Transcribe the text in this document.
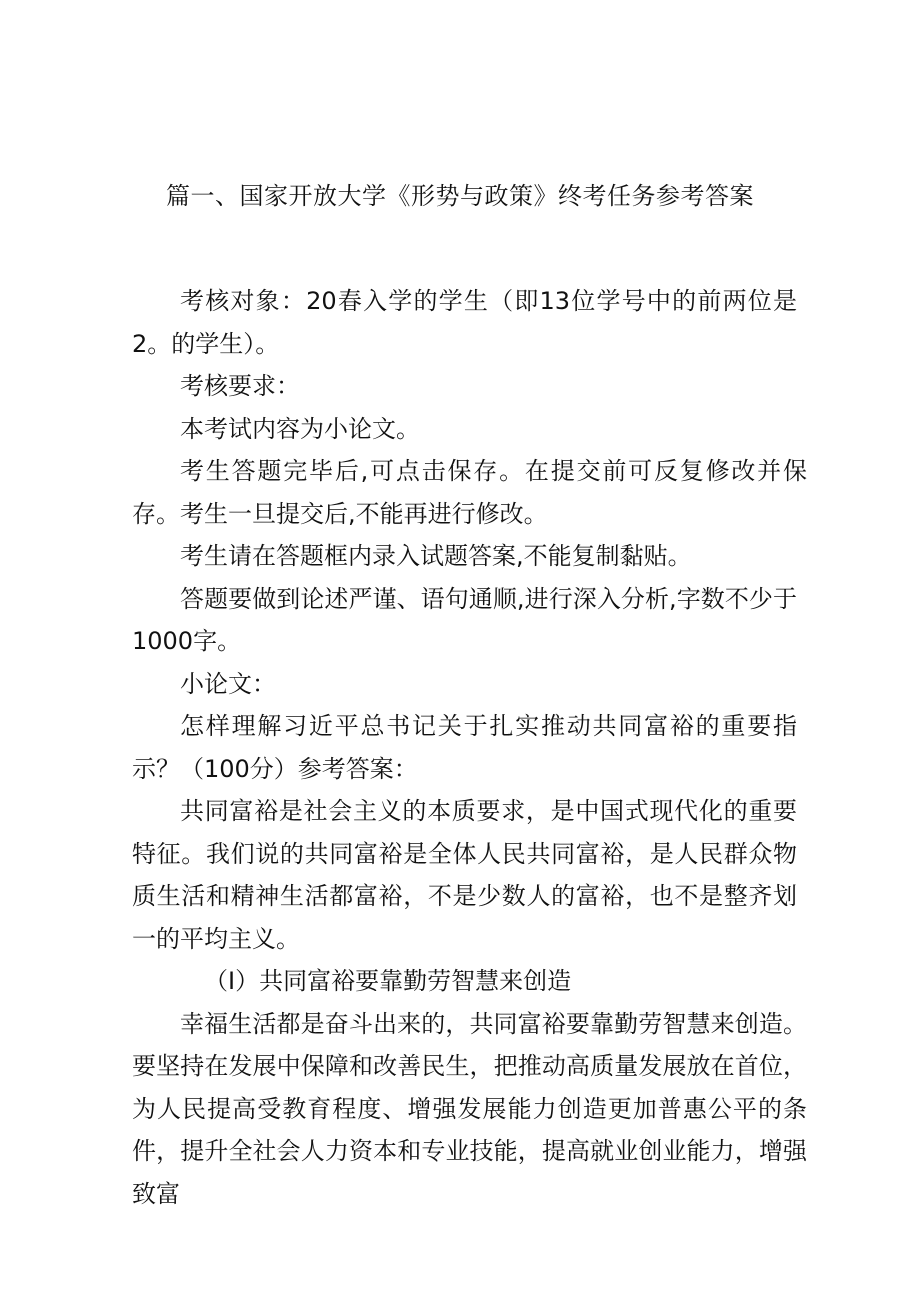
篇一、国家开放大学《形势与政策》终考任务参考答案

考核对象：20春入学的学生（即13位学号中的前两位是2。的学生）。

考核要求：

本考试内容为小论文。

考生答题完毕后,可点击保存。在提交前可反复修改并保存。考生一旦提交后,不能再进行修改。

考生请在答题框内录入试题答案,不能复制黏贴。

答题要做到论述严谨、语句通顺,进行深入分析,字数不少于1000字。

小论文：

怎样理解习近平总书记关于扎实推动共同富裕的重要指示？（100分）参考答案：

共同富裕是社会主义的本质要求，是中国式现代化的重要特征。我们说的共同富裕是全体人民共同富裕，是人民群众物质生活和精神生活都富裕，不是少数人的富裕，也不是整齐划一的平均主义。

（I）共同富裕要靠勤劳智慧来创造

幸福生活都是奋斗出来的，共同富裕要靠勤劳智慧来创造。要坚持在发展中保障和改善民生，把推动高质量发展放在首位，为人民提高受教育程度、增强发展能力创造更加普惠公平的条件，提升全社会人力资本和专业技能，提高就业创业能力，增强致富
